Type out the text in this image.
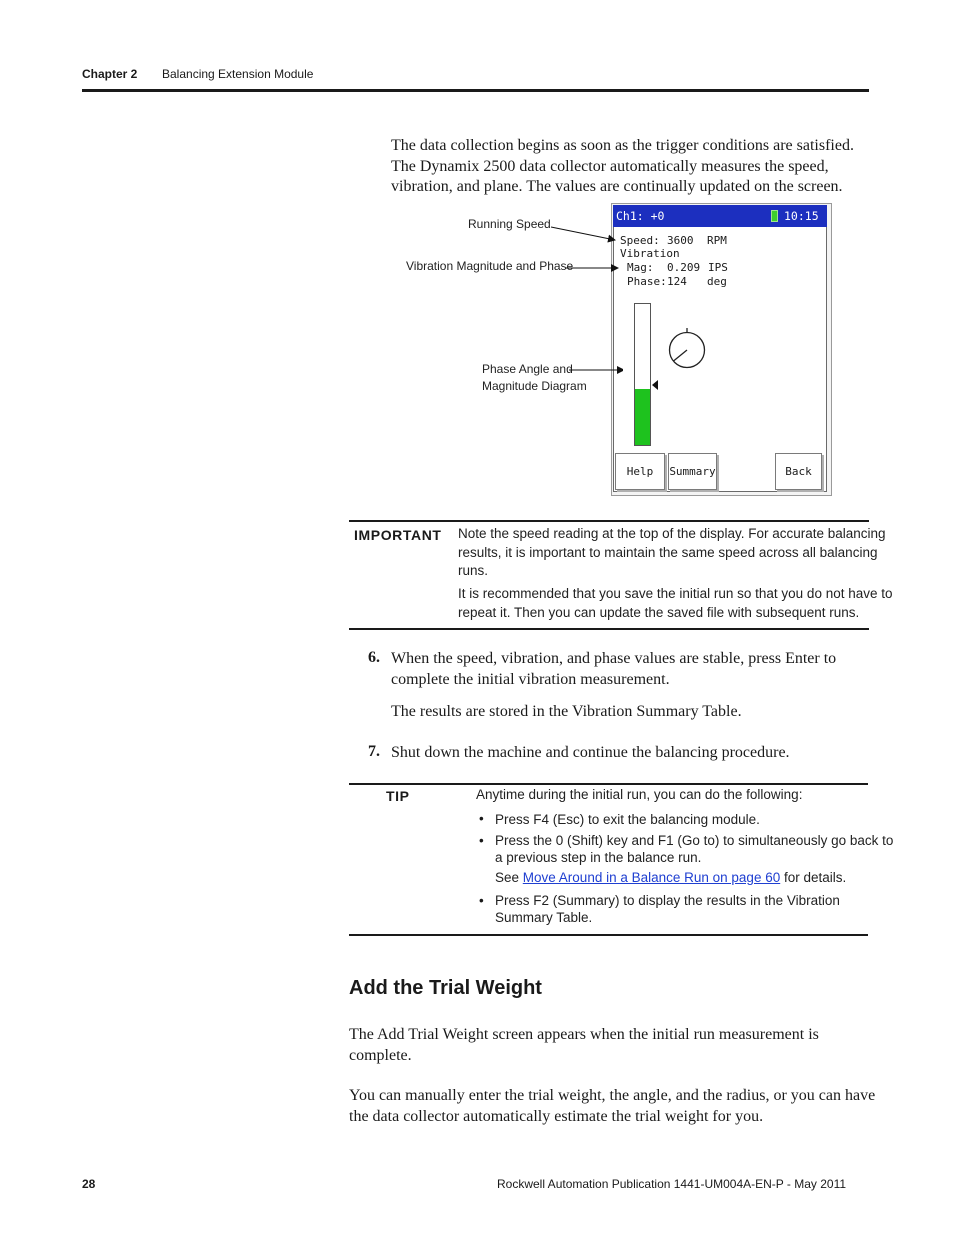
Chapter 2 Balancing Extension Module
The data collection begins as soon as the trigger conditions are satisfied.
The Dynamix 2500 data collector automatically measures the speed,
vibration, and plane. The values are continually updated on the screen.
Ch1: +0	10:15
Speed: 3600 RPM
Vibration
Mag: 0.209 IPS
Phase: 124 deg
Help	Summary	Back
Running Speed
Vibration Magnitude and Phase
Phase Angle and
Magnitude Diagram
IMPORTANT Note the speed reading at the top of the display. For accurate balancing
results, it is important to maintain the same speed across all balancing
runs.
It is recommended that you save the initial run so that you do not have to
repeat it. Then you can update the saved file with subsequent runs.
6. When the speed, vibration, and phase values are stable, press Enter to
complete the initial vibration measurement.
The results are stored in the Vibration Summary Table.
7. Shut down the machine and continue the balancing procedure.
TIP	Anytime during the initial run, you can do the following:
• Press F4 (Esc) to exit the balancing module.
• Press the 0 (Shift) key and F1 (Go to) to simultaneously go back to
a previous step in the balance run.
See Move Around in a Balance Run on page 60 for details.
• Press F2 (Summary) to display the results in the Vibration
Summary Table.
Add the Trial Weight
The Add Trial Weight screen appears when the initial run measurement is
complete.
You can manually enter the trial weight, the angle, and the radius, or you can have
the data collector automatically estimate the trial weight for you.
28	Rockwell Automation Publication 1441-UM004A-EN-P - May 2011
